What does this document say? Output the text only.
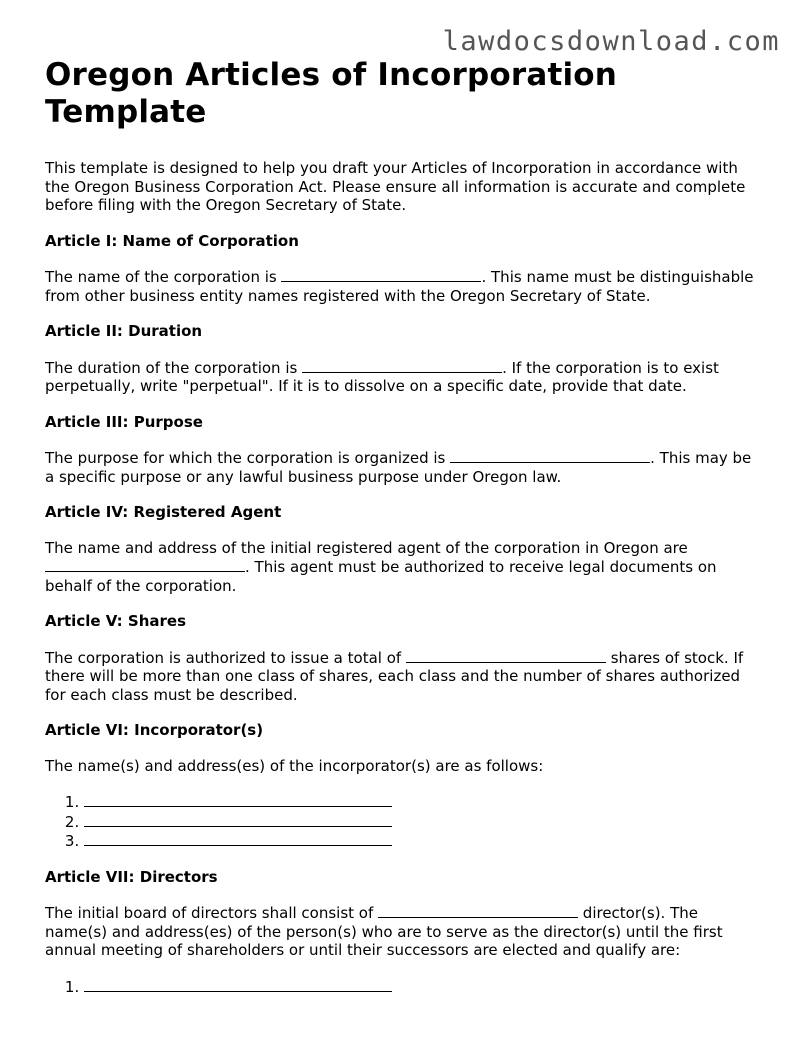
lawdocsdownload.com
Oregon Articles of Incorporation Template

This template is designed to help you draft your Articles of Incorporation in accordance with the Oregon Business Corporation Act. Please ensure all information is accurate and complete before filing with the Oregon Secretary of State.

Article I: Name of Corporation

The name of the corporation is	. This name must be distinguishable from other business entity names registered with the Oregon Secretary of State.

Article II: Duration

The duration of the corporation is	. If the corporation is to exist perpetually, write "perpetual". If it is to dissolve on a specific date, provide that date.

Article III: Purpose

The purpose for which the corporation is organized is	. This may be a specific purpose or any lawful business purpose under Oregon law.

Article IV: Registered Agent

The name and address of the initial registered agent of the corporation in Oregon are . This agent must be authorized to receive legal documents on behalf of the corporation.

Article V: Shares

The corporation is authorized to issue a total of	shares of stock. If there will be more than one class of shares, each class and the number of shares authorized for each class must be described.

Article VI: Incorporator(s)

The name(s) and address(es) of the incorporator(s) are as follows:

1.
2.
3.
Article VII: Directors

The initial board of directors shall consist of	director(s). The name(s) and address(es) of the person(s) who are to serve as the director(s) until the first annual meeting of shareholders or until their successors are elected and qualify are:

1.
